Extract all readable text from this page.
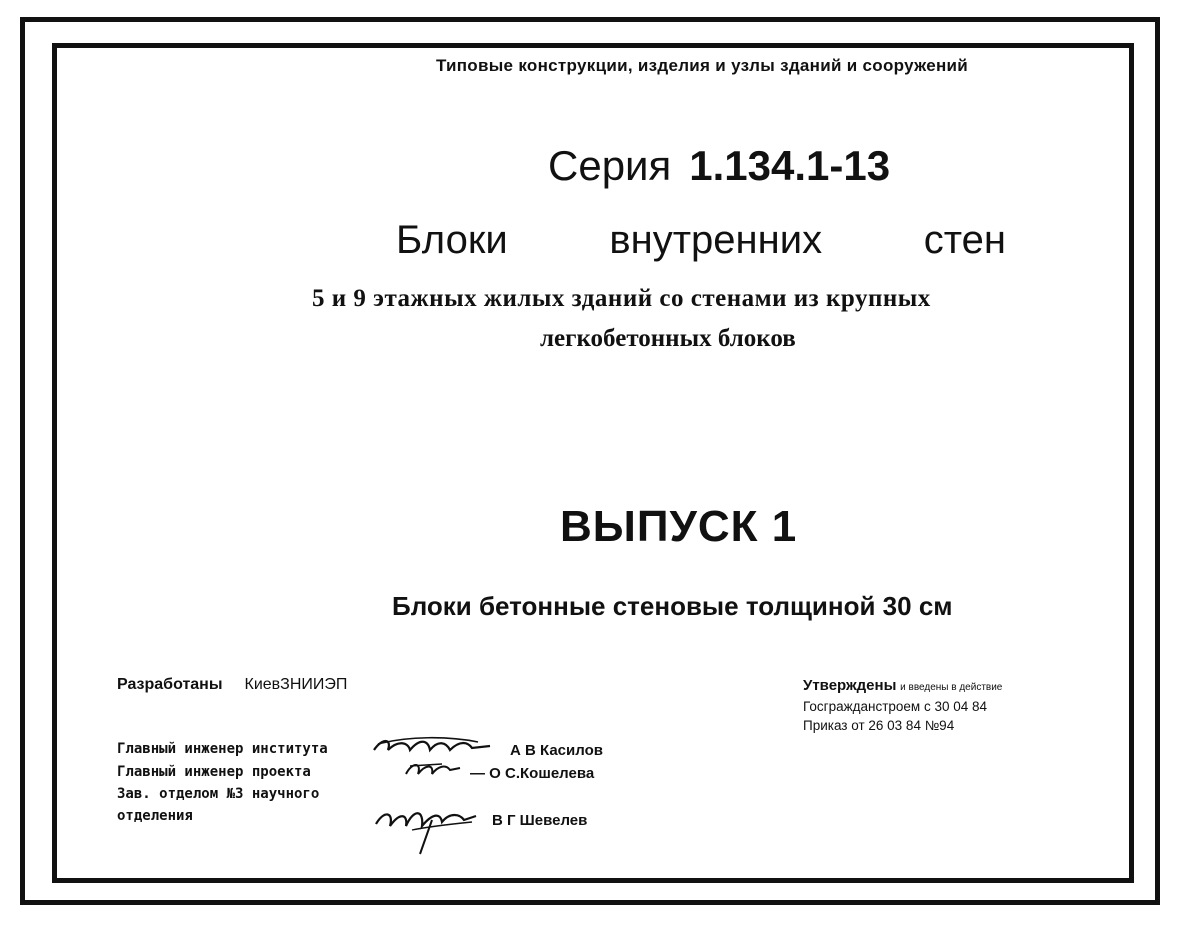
Типовые конструкции, изделия и узлы зданий и сооружений
Серия 1.134.1-13
Блоки	внутренних	стен
5 и 9 этажных жилых зданий со стенами из крупных
легкобетонных блоков
ВЫПУСК 1
Блоки бетонные стеновые толщиной 30 см
Разработаны КиевЗНИИЭП	Утверждены и введены в действие
Госгражданстроем с 30 04 84
Приказ от 26 03 84 №94
Главный инженер института	А В Касилов
Главный инженер проекта	— О С.Кошелева
Зав. отделом №3 научного
отделения	В Г Шевелев
